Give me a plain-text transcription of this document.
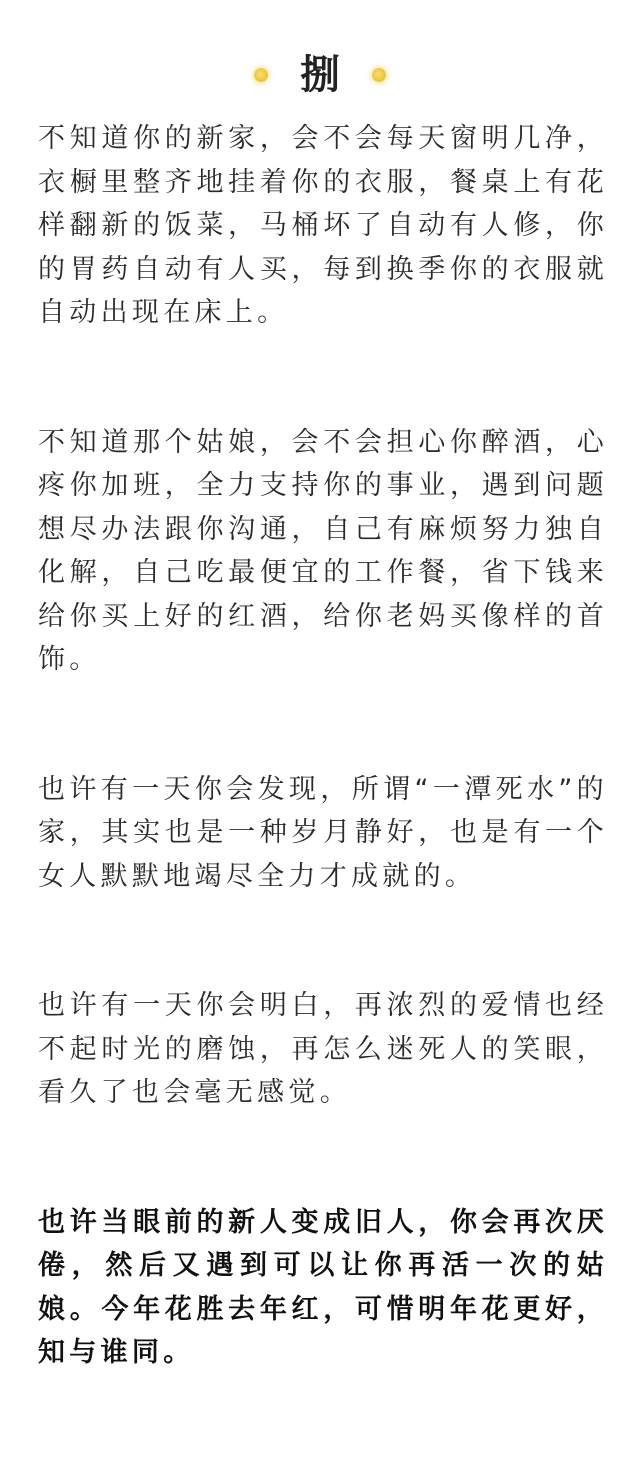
捌

不知道你的新家，会不会每天窗明几净，衣橱里整齐地挂着你的衣服，餐桌上有花样翻新的饭菜，马桶坏了自动有人修，你的胃药自动有人买，每到换季你的衣服就自动出现在床上。

不知道那个姑娘，会不会担心你醉酒，心疼你加班，全力支持你的事业，遇到问题想尽办法跟你沟通，自己有麻烦努力独自化解，自己吃最便宜的工作餐，省下钱来给你买上好的红酒，给你老妈买像样的首饰。

也许有一天你会发现，所谓“一潭死水”的家，其实也是一种岁月静好，也是有一个女人默默地竭尽全力才成就的。

也许有一天你会明白，再浓烈的爱情也经不起时光的磨蚀，再怎么迷死人的笑眼，看久了也会毫无感觉。

也许当眼前的新人变成旧人，你会再次厌倦，然后又遇到可以让你再活一次的姑娘。今年花胜去年红，可惜明年花更好，知与谁同。
